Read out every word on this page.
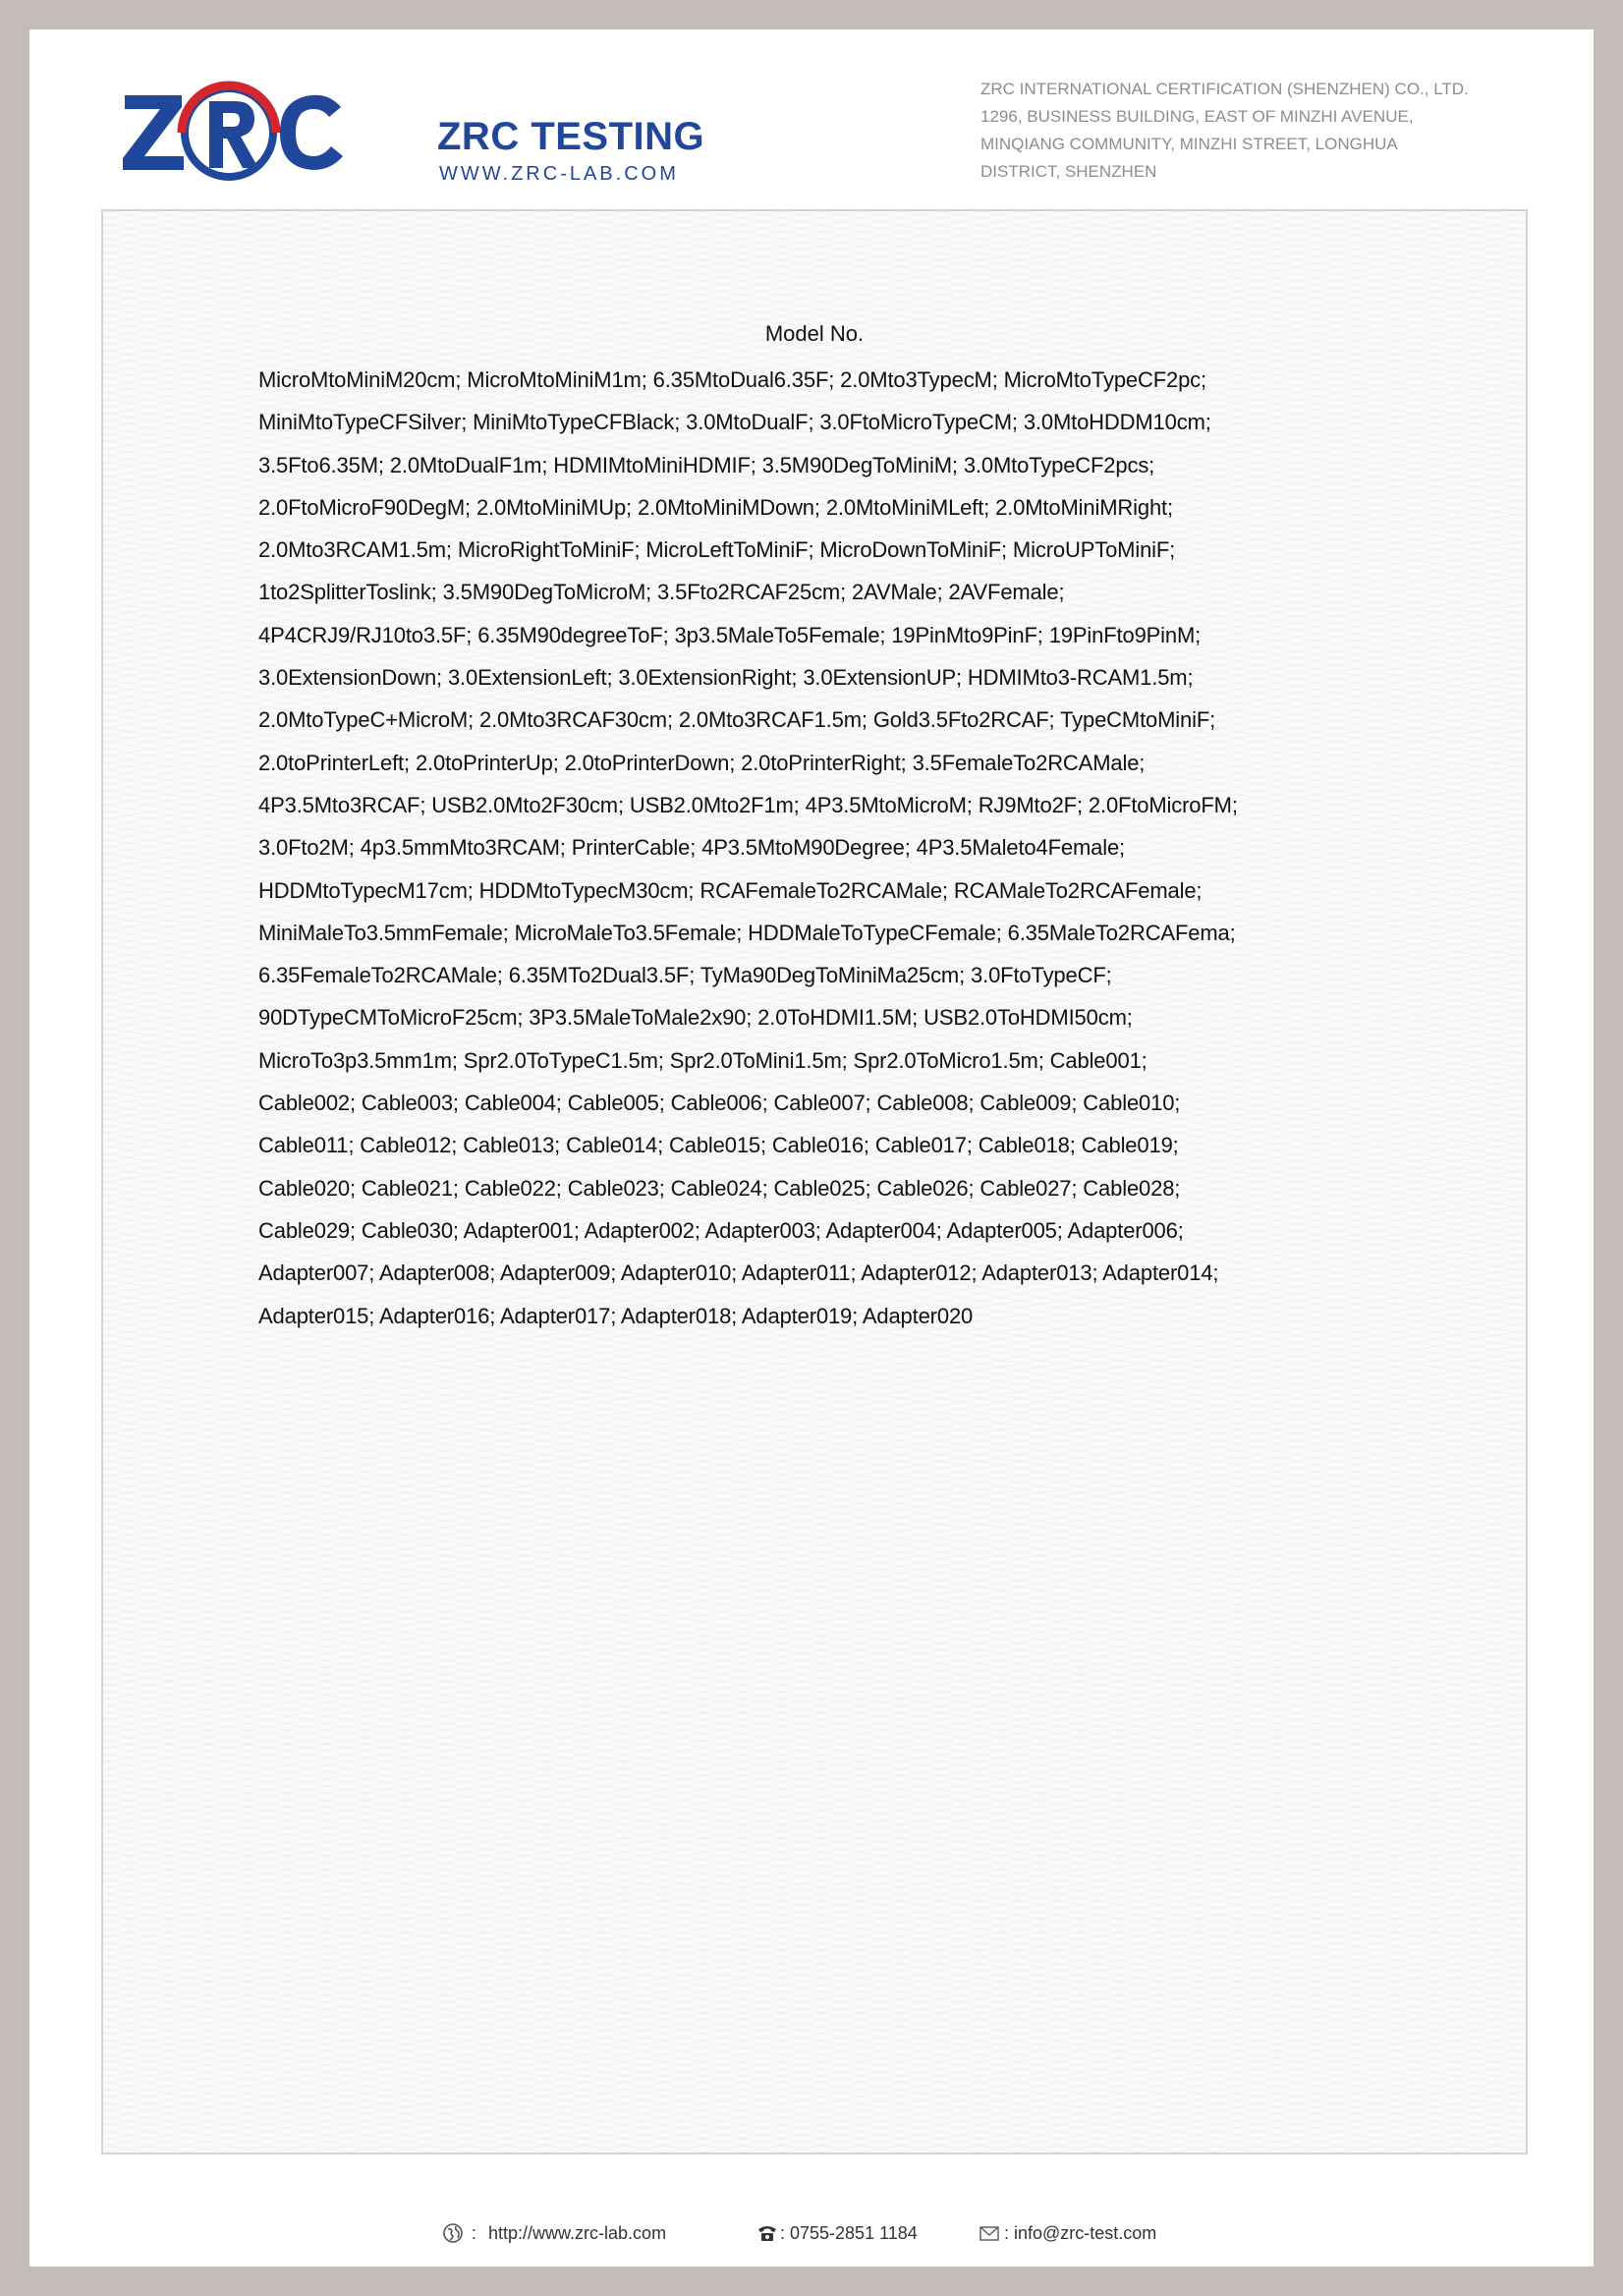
ZRC TESTING
WWW.ZRC-LAB.COM
ZRC INTERNATIONAL CERTIFICATION (SHENZHEN) CO., LTD.
1296, BUSINESS BUILDING, EAST OF MINZHI AVENUE,
MINQIANG COMMUNITY, MINZHI STREET, LONGHUA
DISTRICT, SHENZHEN
Model No.
MicroMtoMiniM20cm; MicroMtoMiniM1m; 6.35MtoDual6.35F; 2.0Mto3TypecM; MicroMtoTypeCF2pc;
MiniMtoTypeCFSilver; MiniMtoTypeCFBlack; 3.0MtoDualF; 3.0FtoMicroTypeCM; 3.0MtoHDDM10cm;
3.5Fto6.35M; 2.0MtoDualF1m; HDMIMtoMiniHDMIF; 3.5M90DegToMiniM; 3.0MtoTypeCF2pcs;
2.0FtoMicroF90DegM; 2.0MtoMiniMUp; 2.0MtoMiniMDown; 2.0MtoMiniMLeft; 2.0MtoMiniMRight;
2.0Mto3RCAM1.5m; MicroRightToMiniF; MicroLeftToMiniF; MicroDownToMiniF; MicroUPToMiniF;
1to2SplitterToslink; 3.5M90DegToMicroM; 3.5Fto2RCAF25cm; 2AVMale; 2AVFemale;
4P4CRJ9/RJ10to3.5F; 6.35M90degreeToF; 3p3.5MaleTo5Female; 19PinMto9PinF; 19PinFto9PinM;
3.0ExtensionDown; 3.0ExtensionLeft; 3.0ExtensionRight; 3.0ExtensionUP; HDMIMto3-RCAM1.5m;
2.0MtoTypeC+MicroM; 2.0Mto3RCAF30cm; 2.0Mto3RCAF1.5m; Gold3.5Fto2RCAF; TypeCMtoMiniF;
2.0toPrinterLeft; 2.0toPrinterUp; 2.0toPrinterDown; 2.0toPrinterRight; 3.5FemaleTo2RCAMale;
4P3.5Mto3RCAF; USB2.0Mto2F30cm; USB2.0Mto2F1m; 4P3.5MtoMicroM; RJ9Mto2F; 2.0FtoMicroFM;
3.0Fto2M; 4p3.5mmMto3RCAM; PrinterCable; 4P3.5MtoM90Degree; 4P3.5Maleto4Female;
HDDMtoTypecM17cm; HDDMtoTypecM30cm; RCAFemaleTo2RCAMale; RCAMaleTo2RCAFemale;
MiniMaleTo3.5mmFemale; MicroMaleTo3.5Female; HDDMaleToTypeCFemale; 6.35MaleTo2RCAFema;
6.35FemaleTo2RCAMale; 6.35MTo2Dual3.5F; TyMa90DegToMiniMa25cm; 3.0FtoTypeCF;
90DTypeCMToMicroF25cm; 3P3.5MaleToMale2x90; 2.0ToHDMI1.5M; USB2.0ToHDMI50cm;
MicroTo3p3.5mm1m; Spr2.0ToTypeC1.5m; Spr2.0ToMini1.5m; Spr2.0ToMicro1.5m; Cable001;
Cable002; Cable003; Cable004; Cable005; Cable006; Cable007; Cable008; Cable009; Cable010;
Cable011; Cable012; Cable013; Cable014; Cable015; Cable016; Cable017; Cable018; Cable019;
Cable020; Cable021; Cable022; Cable023; Cable024; Cable025; Cable026; Cable027; Cable028;
Cable029; Cable030; Adapter001; Adapter002; Adapter003; Adapter004; Adapter005; Adapter006;
Adapter007; Adapter008; Adapter009; Adapter010; Adapter011; Adapter012; Adapter013; Adapter014;
Adapter015; Adapter016; Adapter017; Adapter018; Adapter019; Adapter020
: http://www.zrc-lab.com	: 0755-2851 1184	: info@zrc-test.com
